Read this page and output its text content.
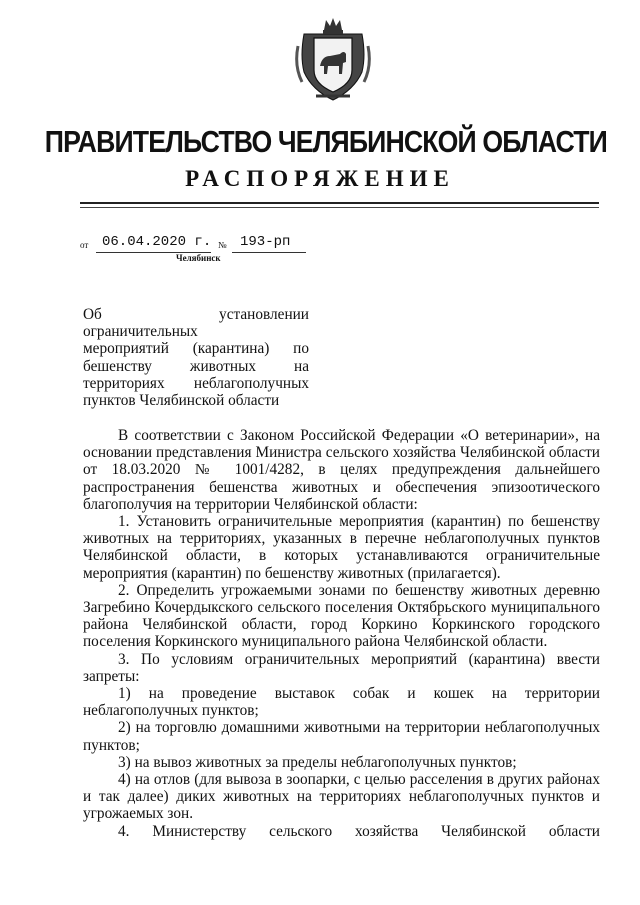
ПРАВИТЕЛЬСТВО ЧЕЛЯБИНСКОЙ ОБЛАСТИ
РАСПОРЯЖЕНИЕ
от 06.04.2020 г. № 193-рп
Челябинск
Об установлении ограничительных
мероприятий (карантина) по
бешенству животных на
территориях неблагополучных
пунктов Челябинской области

В соответствии с Законом Российской Федерации «О ветеринарии», на основании представления Министра сельского хозяйства Челябинской области от 18.03.2020 № 1001/4282, в целях предупреждения дальнейшего распространения бешенства животных и обеспечения эпизоотического благополучия на территории Челябинской области:

1. Установить ограничительные мероприятия (карантин) по бешенству животных на территориях, указанных в перечне неблагополучных пунктов Челябинской области, в которых устанавливаются ограничительные мероприятия (карантин) по бешенству животных (прилагается).

2. Определить угрожаемыми зонами по бешенству животных деревню Загребино Кочердыкского сельского поселения Октябрьского муниципального района Челябинской области, город Коркино Коркинского городского поселения Коркинского муниципального района Челябинской области.

3. По условиям ограничительных мероприятий (карантина) ввести запреты:

1) на проведение выставок собак и кошек на территории неблагополучных пунктов;

2) на торговлю домашними животными на территории неблагополучных пунктов;

3) на вывоз животных за пределы неблагополучных пунктов;

4) на отлов (для вывоза в зоопарки, с целью расселения в других районах и так далее) диких животных на территориях неблагополучных пунктов и угрожаемых зон.

4. Министерству сельского хозяйства Челябинской области
